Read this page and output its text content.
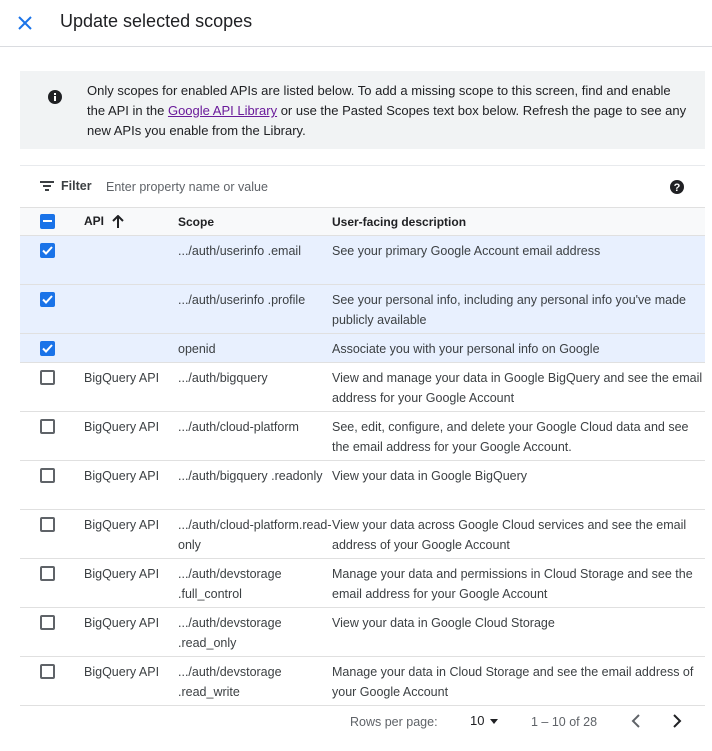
Update selected scopes
Only scopes for enabled APIs are listed below. To add a missing scope to this screen, find and enable the API in the Google API Library or use the Pasted Scopes text box below. Refresh the page to see any new APIs you enable from the Library.
Filter
Enter property name or value	?
	API	Scope	User-facing description

		.../auth/userinfo .email	See your primary Google Account email address

		.../auth/userinfo .profile	See your personal info, including any personal info you've made publicly available

		openid	Associate you with your personal info on Google

	BigQuery API	.../auth/bigquery	View and manage your data in Google BigQuery and see the email address for your Google Account

	BigQuery API	.../auth/cloud-platform	See, edit, configure, and delete your Google Cloud data and see the email address for your Google Account.

	BigQuery API	.../auth/bigquery .readonly	View your data in Google BigQuery

	BigQuery API	.../auth/cloud-platform.read-only	View your data across Google Cloud services and see the email address of your Google Account

	BigQuery API	.../auth/devstorage .full_control	Manage your data and permissions in Cloud Storage and see the email address for your Google Account

	BigQuery API	.../auth/devstorage .read_only	View your data in Google Cloud Storage

	BigQuery API	.../auth/devstorage .read_write	Manage your data in Cloud Storage and see the email address of your Google Account
Rows per page: 10	1 – 10 of 28
